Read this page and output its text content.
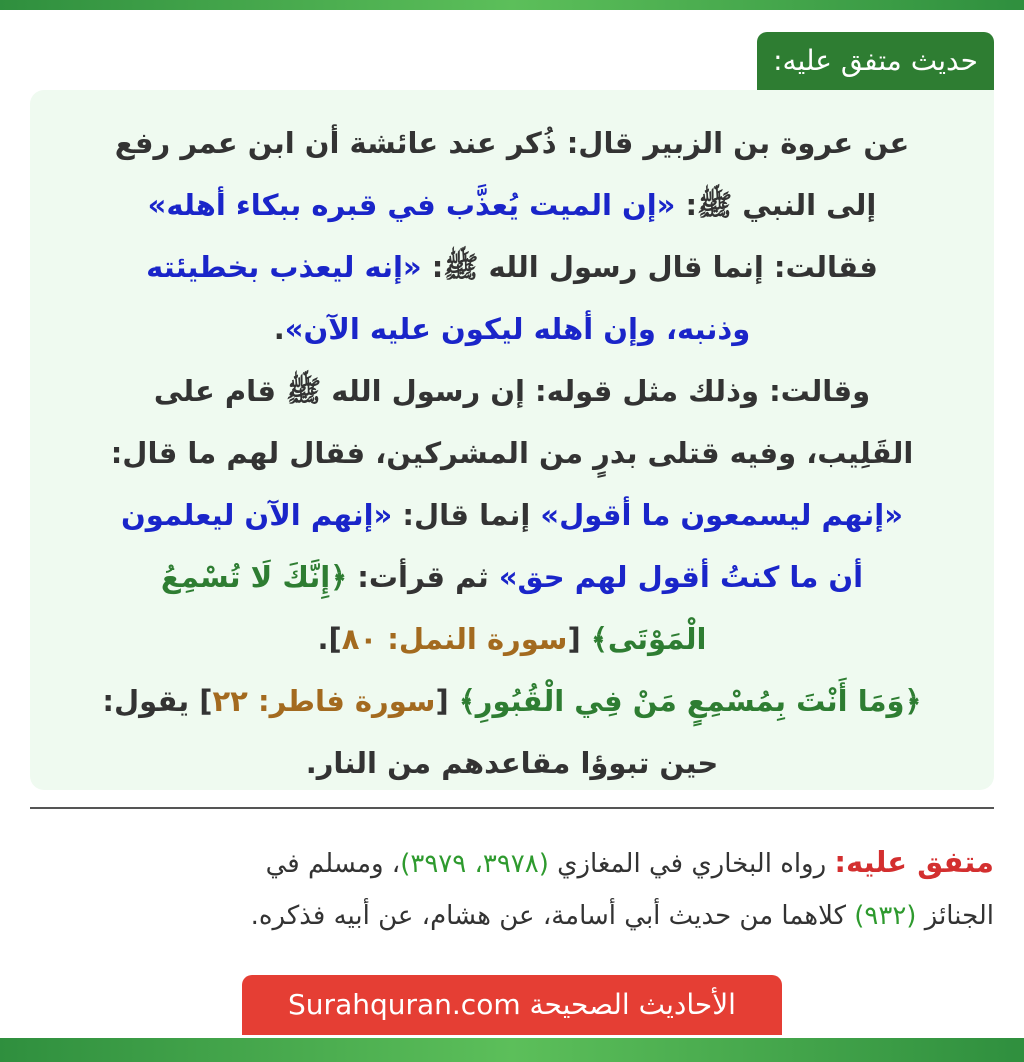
حديث متفق عليه:
عن عروة بن الزبير قال: ذُكر عند عائشة أن ابن عمر رفع
إلى النبي ﷺ: «إن الميت يُعذَّب في قبره ببكاء أهله»
فقالت: إنما قال رسول الله ﷺ: «إنه ليعذب بخطيئته
وذنبه، وإن أهله ليكون عليه الآن».
وقالت: وذلك مثل قوله: إن رسول الله ﷺ قام على
القَلِيب، وفيه قتلى بدرٍ من المشركين، فقال لهم ما قال:
«إنهم ليسمعون ما أقول» إنما قال: «إنهم الآن ليعلمون
أن ما كنتُ أقول لهم حق» ثم قرأت: ﴿إِنَّكَ لَا تُسْمِعُ
الْمَوْتَى﴾ [سورة النمل: ٨٠].
﴿وَمَا أَنْتَ بِمُسْمِعٍ مَنْ فِي الْقُبُورِ﴾ [سورة فاطر: ٢٢] يقول:
حين تبوؤا مقاعدهم من النار.
متفق عليه: رواه البخاري في المغازي (٣٩٧٨، ٣٩٧٩)، ومسلم في
الجنائز (٩٣٢) كلاهما من حديث أبي أسامة، عن هشام، عن أبيه فذكره.
الأحاديث الصحيحة Surahquran.com
